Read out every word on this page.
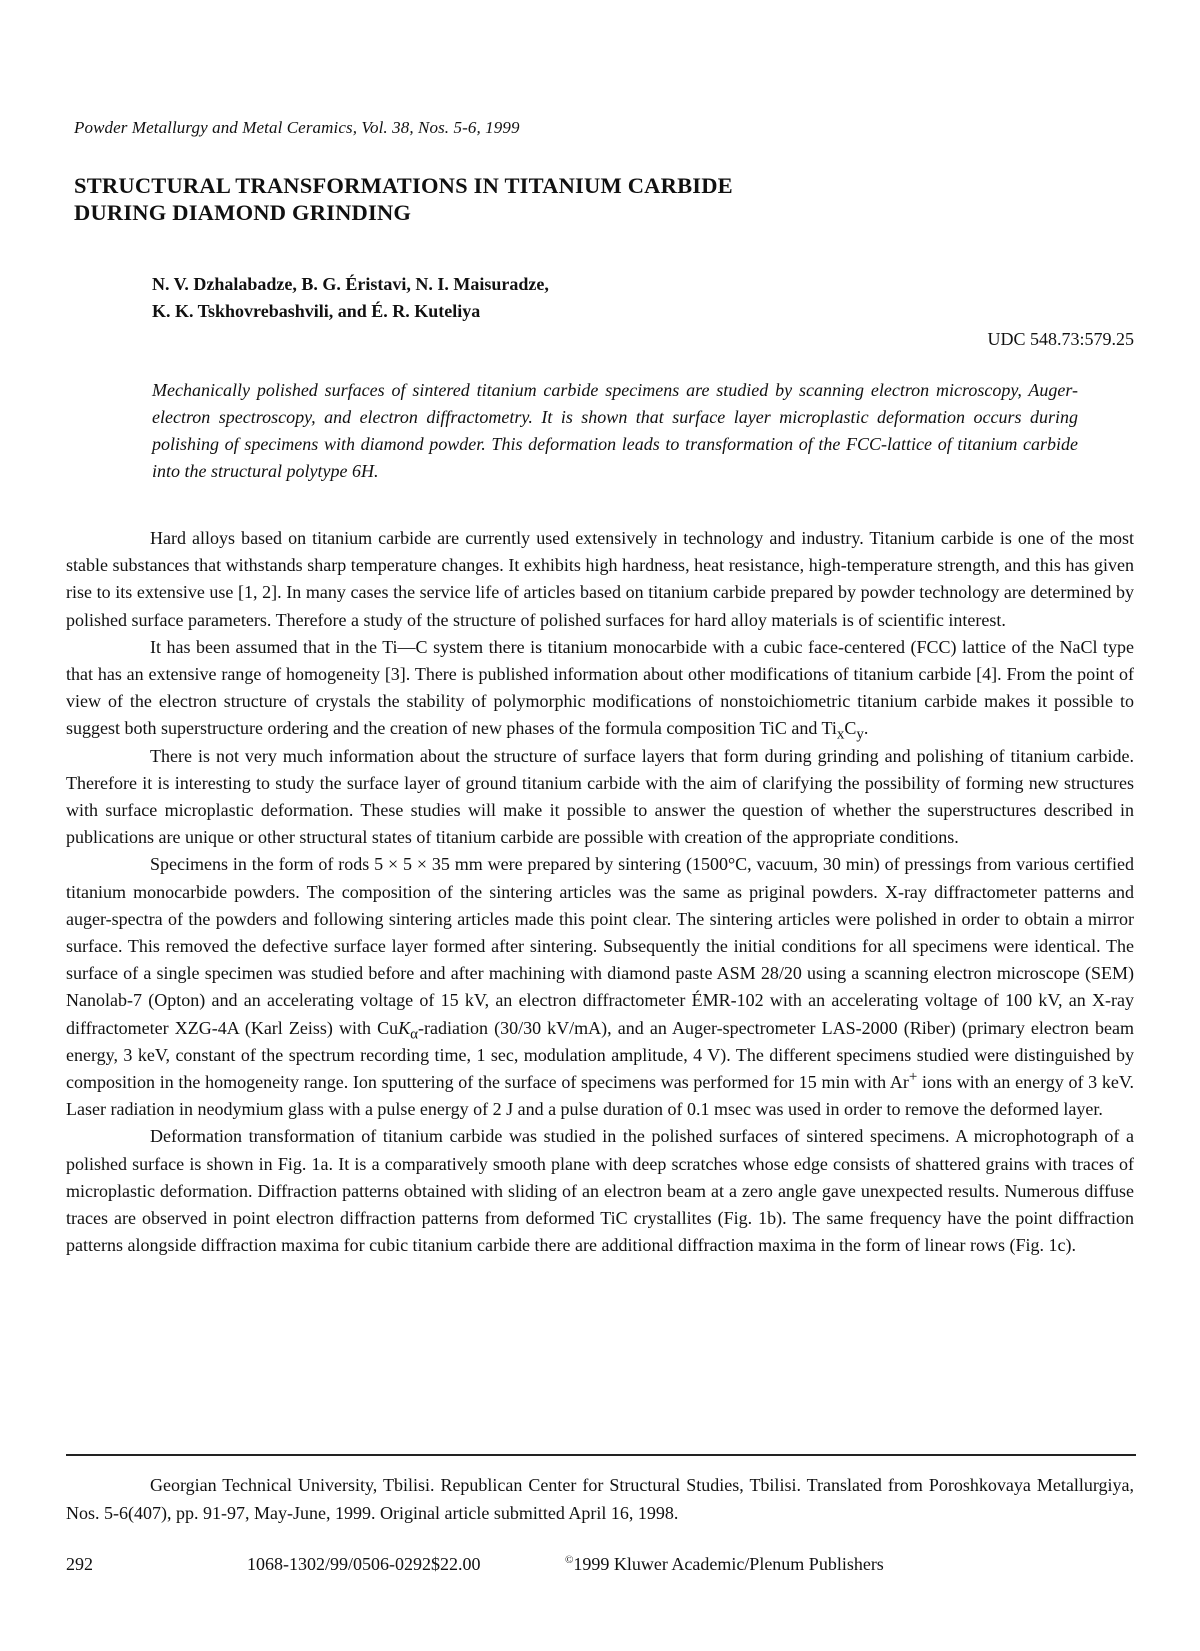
Powder Metallurgy and Metal Ceramics, Vol. 38, Nos. 5-6, 1999
STRUCTURAL TRANSFORMATIONS IN TITANIUM CARBIDE
DURING DIAMOND GRINDING
N. V. Dzhalabadze, B. G. Éristavi, N. I. Maisuradze,
K. K. Tskhovrebashvili, and É. R. Kuteliya
UDC 548.73:579.25
Mechanically polished surfaces of sintered titanium carbide specimens are studied by scanning electron microscopy, Auger-electron spectroscopy, and electron diffractometry. It is shown that surface layer microplastic deformation occurs during polishing of specimens with diamond powder. This deformation leads to transformation of the FCC-lattice of titanium carbide into the structural polytype 6H.

Hard alloys based on titanium carbide are currently used extensively in technology and industry. Titanium carbide is one of the most stable substances that withstands sharp temperature changes. It exhibits high hardness, heat resistance, high-temperature strength, and this has given rise to its extensive use [1, 2]. In many cases the service life of articles based on titanium carbide prepared by powder technology are determined by polished surface parameters. Therefore a study of the structure of polished surfaces for hard alloy materials is of scientific interest.

It has been assumed that in the Ti—C system there is titanium monocarbide with a cubic face-centered (FCC) lattice of the NaCl type that has an extensive range of homogeneity [3]. There is published information about other modifications of titanium carbide [4]. From the point of view of the electron structure of crystals the stability of polymorphic modifications of nonstoichiometric titanium carbide makes it possible to suggest both superstructure ordering and the creation of new phases of the formula composition TiC and $Ti_xC_y$.

There is not very much information about the structure of surface layers that form during grinding and polishing of titanium carbide. Therefore it is interesting to study the surface layer of ground titanium carbide with the aim of clarifying the possibility of forming new structures with surface microplastic deformation. These studies will make it possible to answer the question of whether the superstructures described in publications are unique or other structural states of titanium carbide are possible with creation of the appropriate conditions.

Specimens in the form of rods 5 × 5 × 35 mm were prepared by sintering (1500°C, vacuum, 30 min) of pressings from various certified titanium monocarbide powders. The composition of the sintering articles was the same as priginal powders. X-ray diffractometer patterns and auger-spectra of the powders and following sintering articles made this point clear. The sintering articles were polished in order to obtain a mirror surface. This removed the defective surface layer formed after sintering. Subsequently the initial conditions for all specimens were identical. The surface of a single specimen was studied before and after machining with diamond paste ASM 28/20 using a scanning electron microscope (SEM) Nanolab-7 (Opton) and an accelerating voltage of 15 kV, an electron diffractometer ÉMR-102 with an accelerating voltage of 100 kV, an X-ray diffractometer XZG-4A (Karl Zeiss) with CuK$_\alpha$-radiation (30/30 kV/mA), and an Auger-spectrometer LAS-2000 (Riber) (primary electron beam energy, 3 keV, constant of the spectrum recording time, 1 sec, modulation amplitude, 4 V). The different specimens studied were distinguished by composition in the homogeneity range. Ion sputtering of the surface of specimens was performed for 15 min with Ar+ ions with an energy of 3 keV. Laser radiation in neodymium glass with a pulse energy of 2 J and a pulse duration of 0.1 msec was used in order to remove the deformed layer.

Deformation transformation of titanium carbide was studied in the polished surfaces of sintered specimens. A microphotograph of a polished surface is shown in Fig. 1a. It is a comparatively smooth plane with deep scratches whose edge consists of shattered grains with traces of microplastic deformation. Diffraction patterns obtained with sliding of an electron beam at a zero angle gave unexpected results. Numerous diffuse traces are observed in point electron diffraction patterns from deformed TiC crystallites (Fig. 1b). The same frequency have the point diffraction patterns alongside diffraction maxima for cubic titanium carbide there are additional diffraction maxima in the form of linear rows (Fig. 1c).

Georgian Technical University, Tbilisi. Republican Center for Structural Studies, Tbilisi. Translated from Poroshkovaya Metallurgiya, Nos. 5-6(407), pp. 91-97, May-June, 1999. Original article submitted April 16, 1998.

292	1068-1302/99/0506-0292$22.00	©1999 Kluwer Academic/Plenum Publishers
